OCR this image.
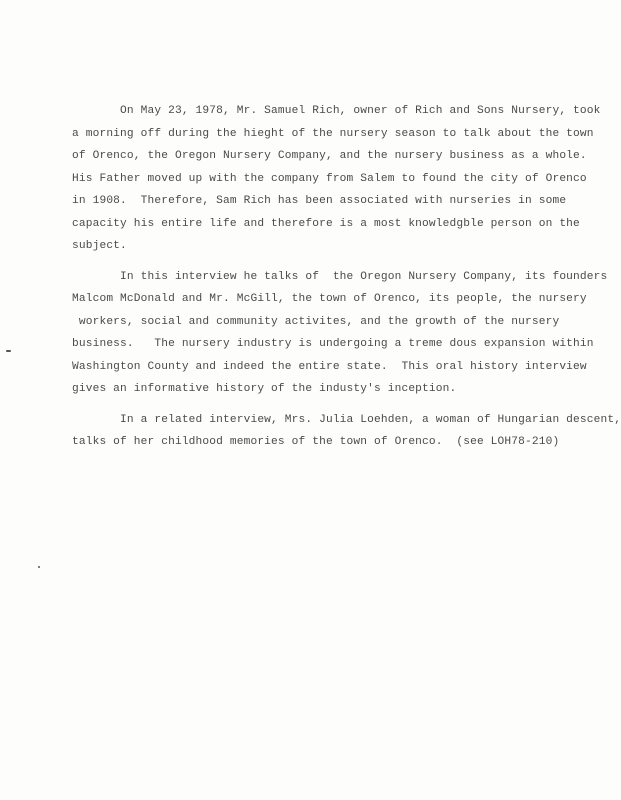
On May 23, 1978, Mr. Samuel Rich, owner of Rich and Sons Nursery, took
a morning off during the hieght of the nursery season to talk about the town
of Orenco, the Oregon Nursery Company, and the nursery business as a whole.
His Father moved up with the company from Salem to found the city of Orenco
in 1908.  Therefore, Sam Rich has been associated with nurseries in some
capacity his entire life and therefore is a most knowledgble person on the
subject.
In this interview he talks of  the Oregon Nursery Company, its founders
Malcom McDonald and Mr. McGill, the town of Orenco, its people, the nursery
workers, social and community activites, and the growth of the nursery
business.   The nursery industry is undergoing a treme dous expansion within
Washington County and indeed the entire state.  This oral history interview
gives an informative history of the industy's inception.
In a related interview, Mrs. Julia Loehden, a woman of Hungarian descent,
talks of her childhood memories of the town of Orenco.  (see LOH78-210)
